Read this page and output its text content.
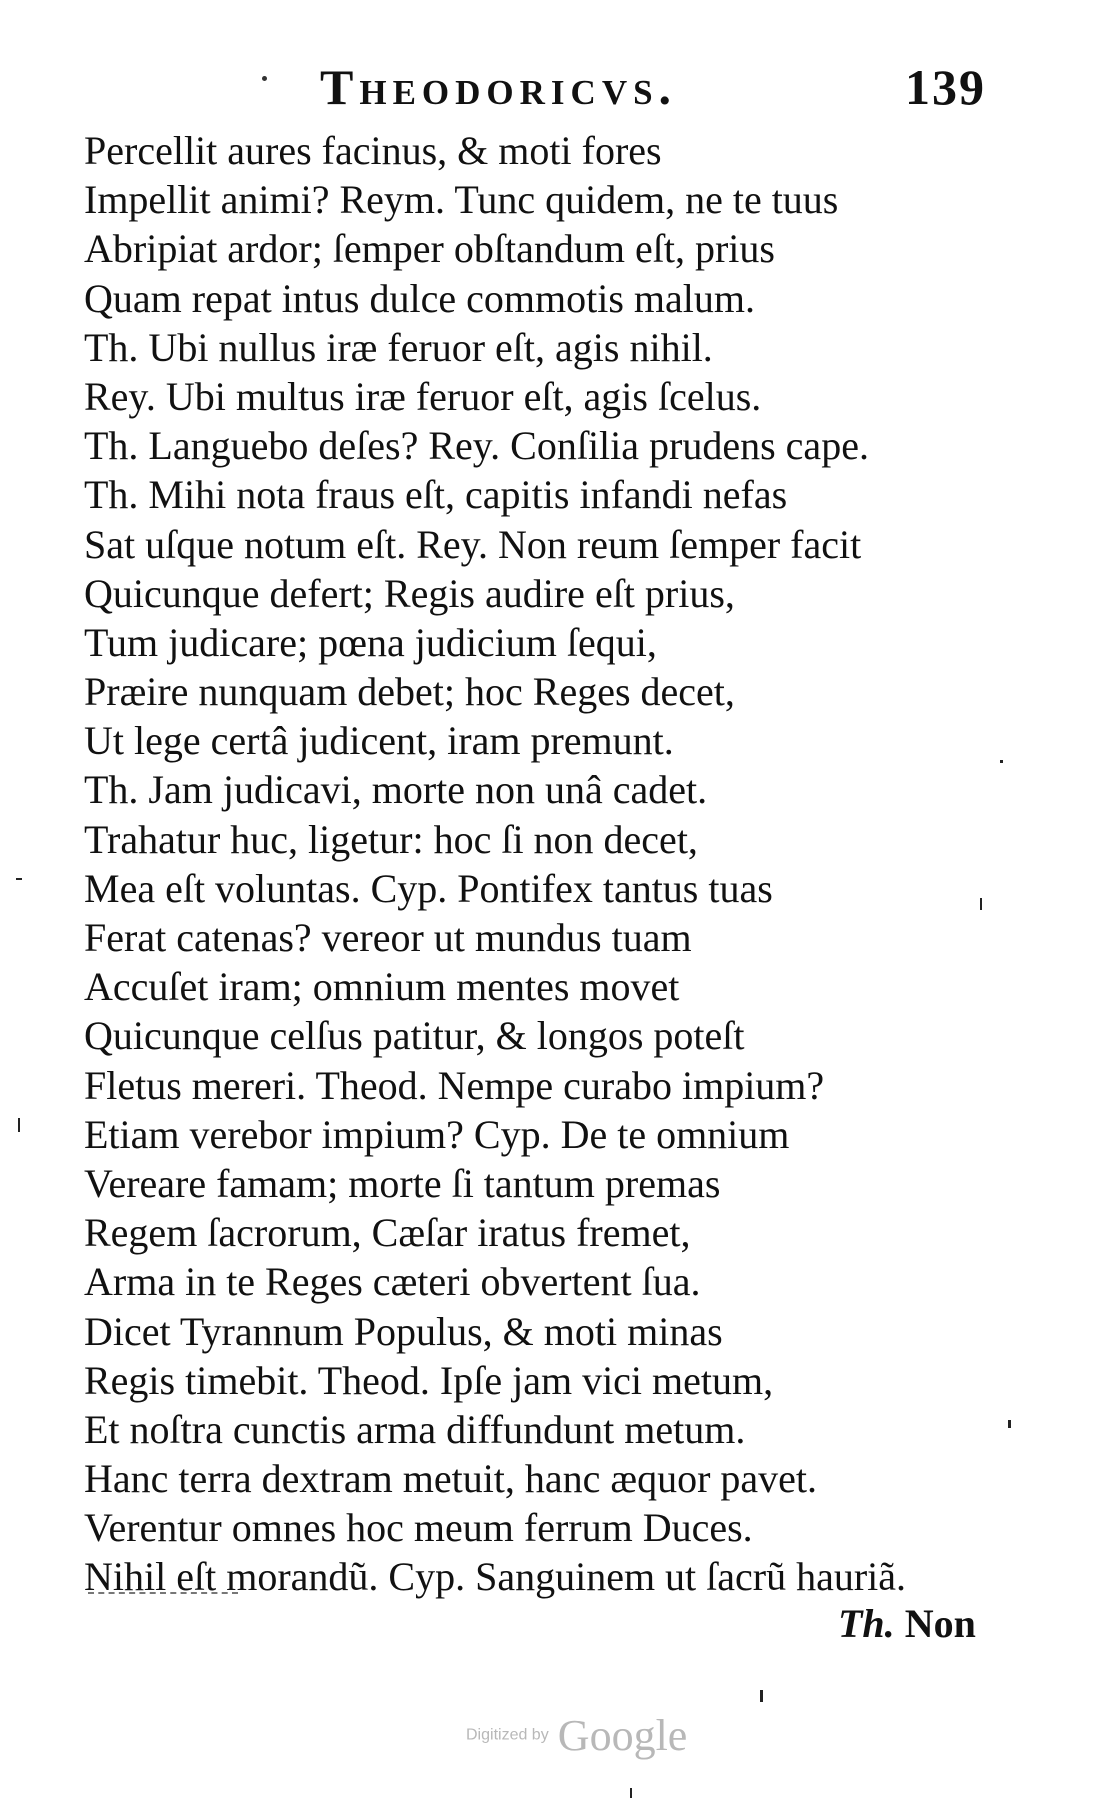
Theodoricvs.	139
Percellit aures facinus, & moti fores
Impellit animi? Reym. Tunc quidem, ne te tuus
Abripiat ardor; ſemper obſtandum eſt, prius
Quam repat intus dulce commotis malum.
Th. Ubi nullus iræ feruor eſt, agis nihil.
Rey. Ubi multus iræ feruor eſt, agis ſcelus.
Th. Languebo deſes? Rey. Conſilia prudens cape.
Th. Mihi nota fraus eſt, capitis infandi nefas
Sat uſque notum eſt. Rey. Non reum ſemper facit
Quicunque defert; Regis audire eſt prius,
Tum judicare; pœna judicium ſequi,
Præire nunquam debet; hoc Reges decet,
Ut lege certâ judicent, iram premunt.
Th. Jam judicavi, morte non unâ cadet.
Trahatur huc, ligetur: hoc ſi non decet,
Mea eſt voluntas. Cyp. Pontifex tantus tuas
Ferat catenas? vereor ut mundus tuam
Accuſet iram; omnium mentes movet
Quicunque celſus patitur, & longos poteſt
Fletus mereri. Theod. Nempe curabo impium?
Etiam verebor impium? Cyp. De te omnium
Vereare famam; morte ſi tantum premas
Regem ſacrorum, Cæſar iratus fremet,
Arma in te Reges cæteri obvertent ſua.
Dicet Tyrannum Populus, & moti minas
Regis timebit. Theod. Ipſe jam vici metum,
Et noſtra cunctis arma diffundunt metum.
Hanc terra dextram metuit, hanc æquor pavet.
Verentur omnes hoc meum ferrum Duces.
Nihil eſt morandũ. Cyp. Sanguinem ut ſacrũ hauriã.
Th. Non
Digitized by Google
